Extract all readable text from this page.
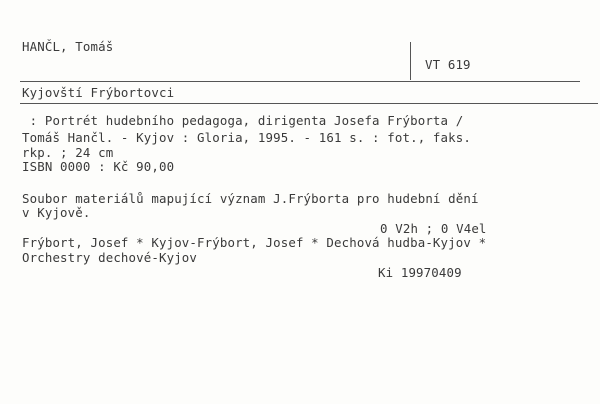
HANČL, Tomáš
VT 619
Kyjovští Frýbortovci
: Portrét hudebního pedagoga, dirigenta Josefa Frýborta /
Tomáš Hančl. - Kyjov : Gloria, 1995. - 161 s. : fot., faks.
rkp. ; 24 cm
ISBN 0000 : Kč 90,00
Soubor materiálů mapující význam J.Frýborta pro hudební dění
v Kyjově.
0 V2h ; 0 V4el
Frýbort, Josef * Kyjov-Frýbort, Josef * Dechová hudba-Kyjov *
Orchestry dechové-Kyjov
Ki 19970409
